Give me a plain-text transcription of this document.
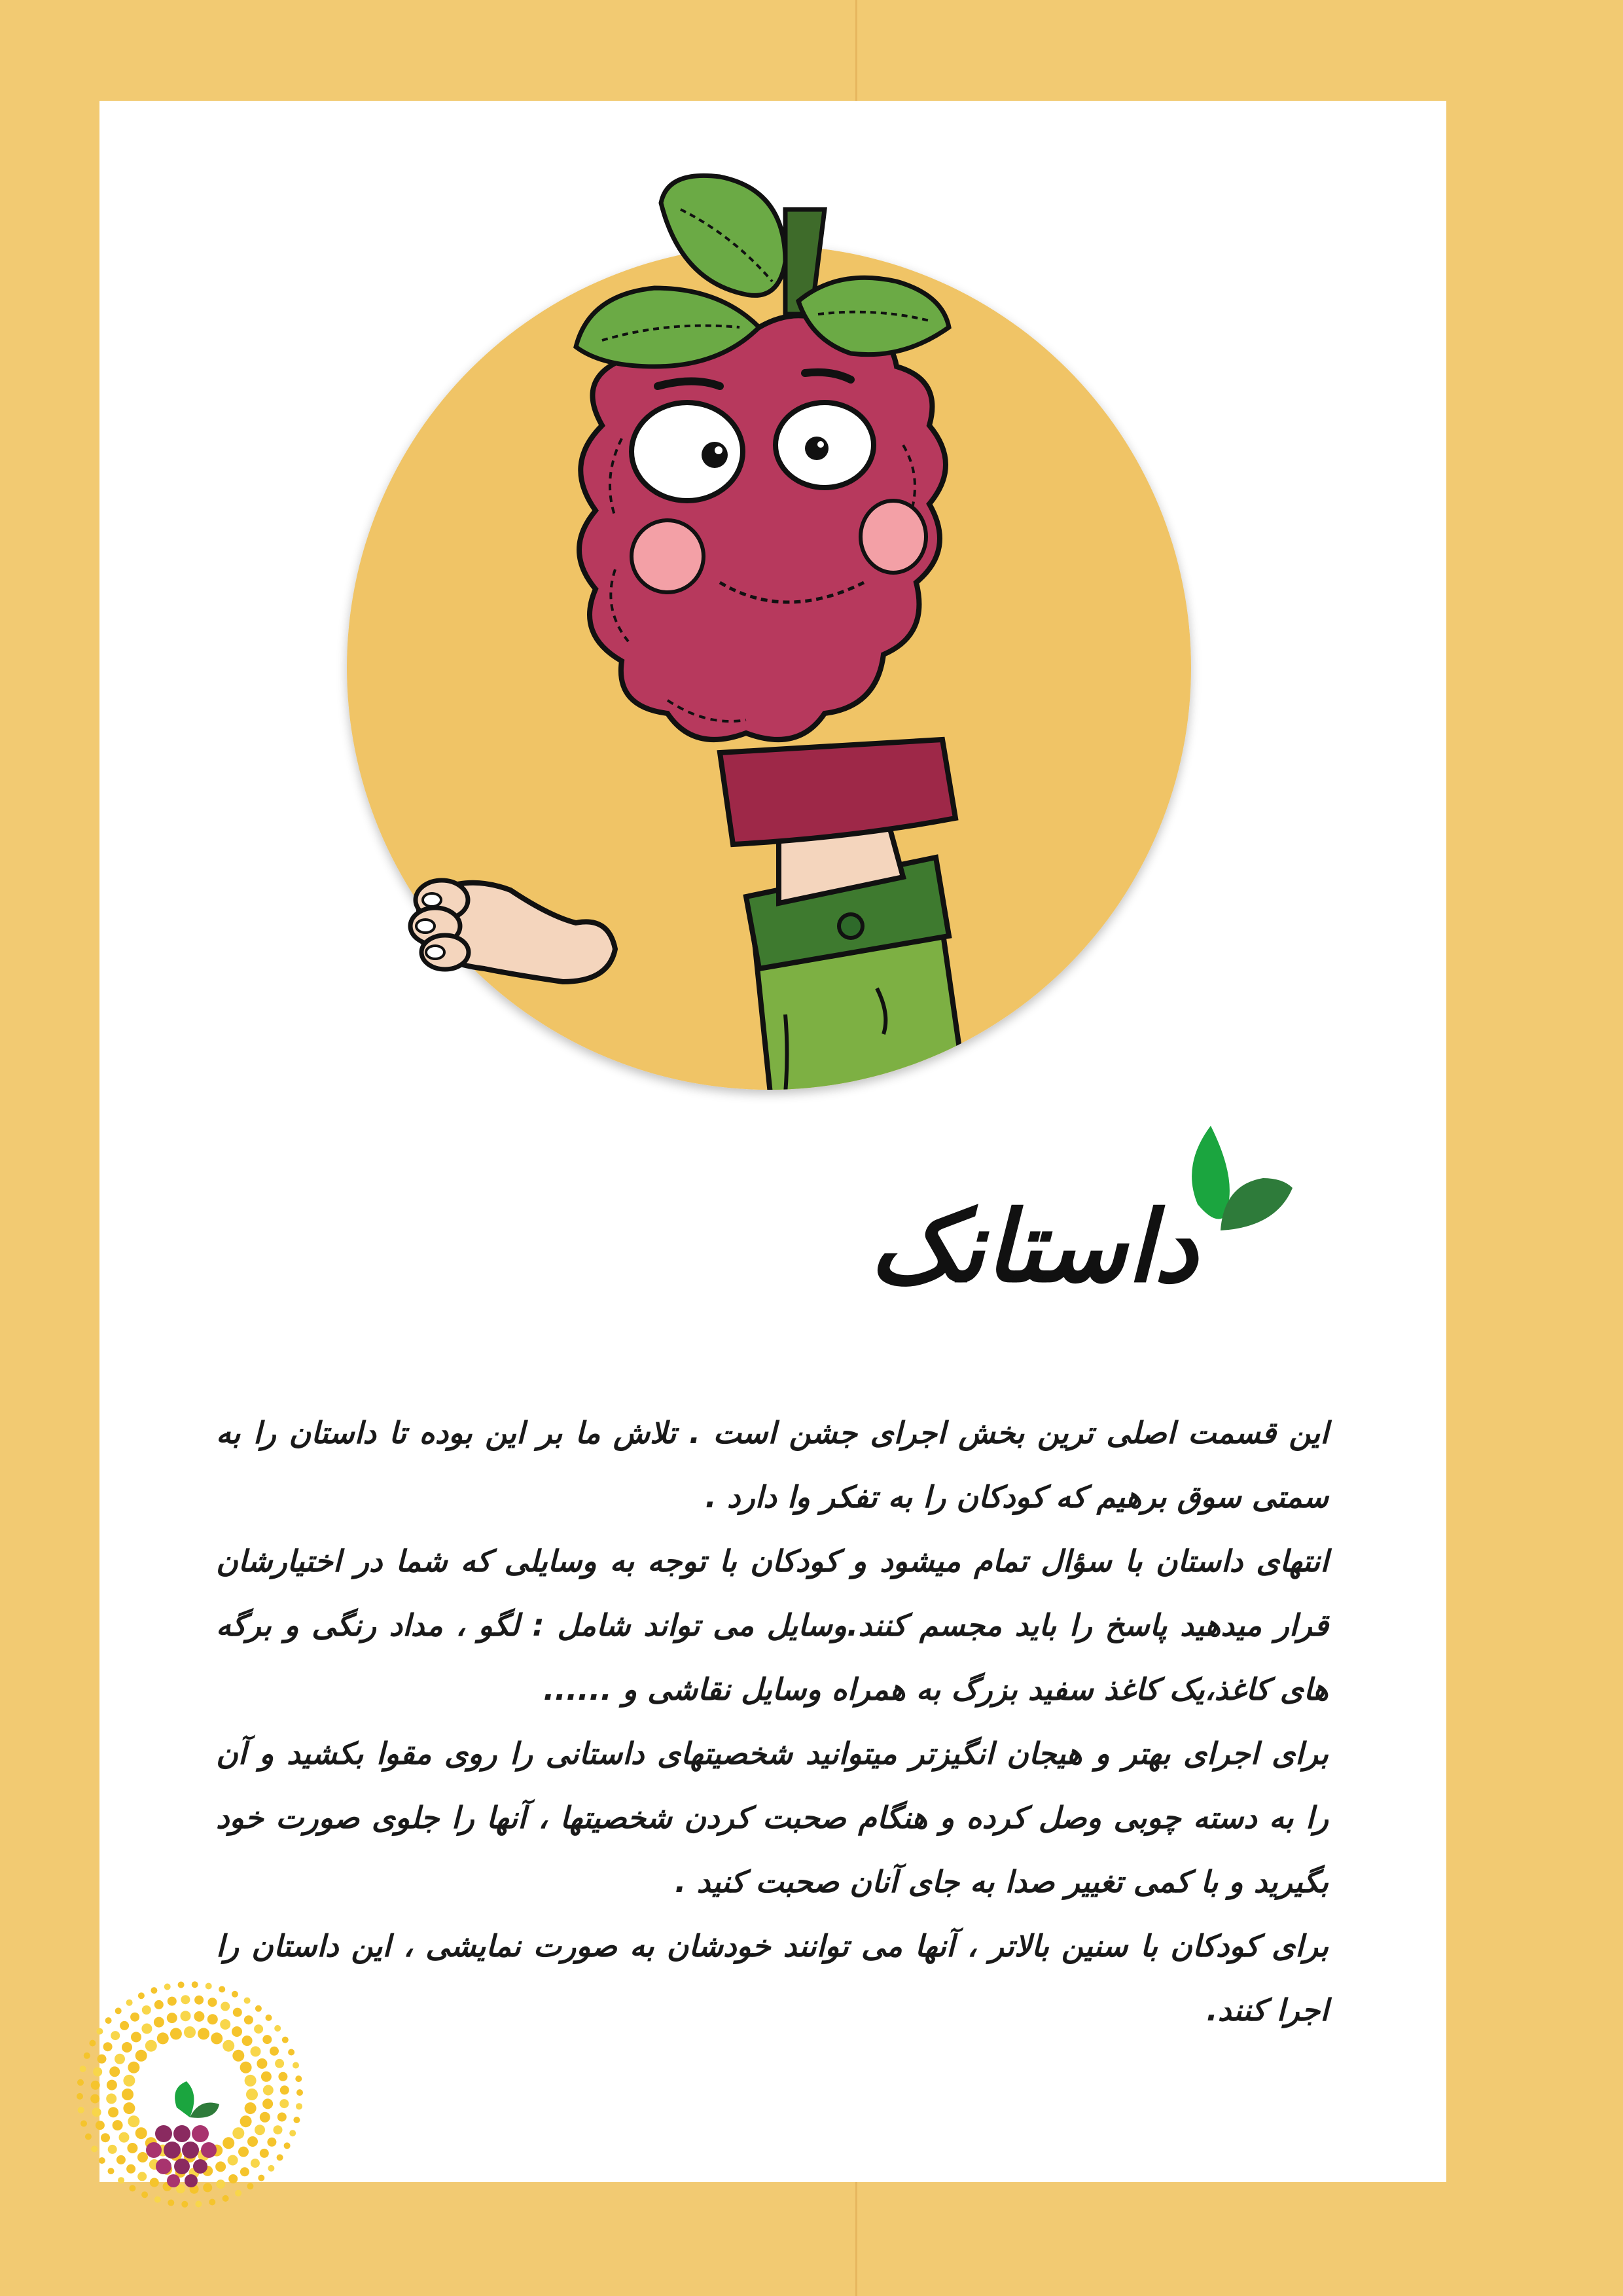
داستانک

این قسمت اصلی ترین بخش اجرای جشن است . تلاش ما بر این بوده تا داستان را به سمتی سوق برهیم که کودکان را به تفکر وا دارد .

انتهای داستان با سؤال تمام میشود و کودکان با توجه به وسایلی که شما در اختیارشان قرار میدهید پاسخ را باید مجسم کنند.وسایل می تواند شامل : لگو ، مداد رنگی و برگه های کاغذ،یک کاغذ سفید بزرگ به همراه وسایل نقاشی و ......

برای اجرای بهتر و هیجان انگیزتر میتوانید شخصیتهای داستانی را روی مقوا بکشید و آن را به دسته چوبی وصل کرده و هنگام صحبت کردن شخصیتها ، آنها را جلوی صورت خود بگیرید و با کمی تغییر صدا به جای آنان صحبت کنید .

برای کودکان با سنین بالاتر ، آنها می توانند خودشان به صورت نمایشی ، این داستان را اجرا کنند.
